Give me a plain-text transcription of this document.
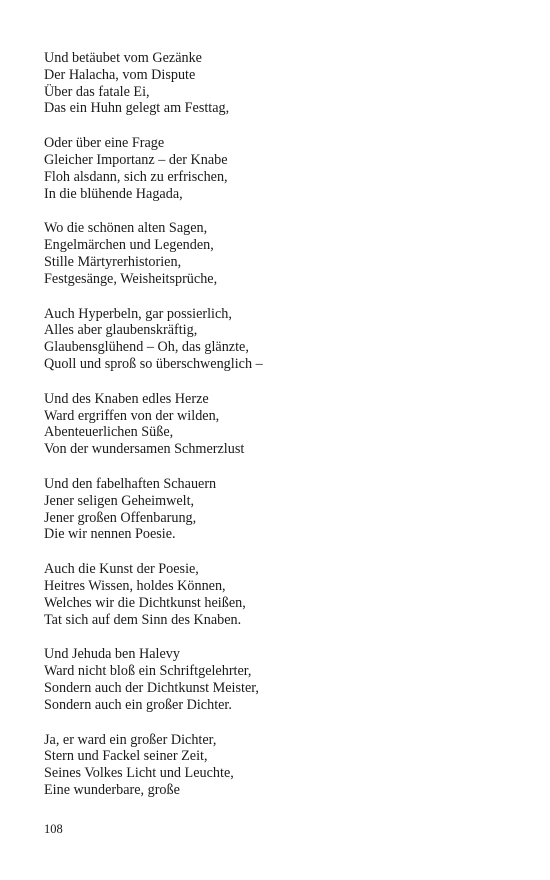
Und betäubet vom Gezänke
Der Halacha, vom Dispute
Über das fatale Ei,
Das ein Huhn gelegt am Festtag,

Oder über eine Frage
Gleicher Importanz – der Knabe
Floh alsdann, sich zu erfrischen,
In die blühende Hagada,

Wo die schönen alten Sagen,
Engelmärchen und Legenden,
Stille Märtyrerhistorien,
Festgesänge, Weisheitsprüche,

Auch Hyperbeln, gar possierlich,
Alles aber glaubenskräftig,
Glaubensglühend – Oh, das glänzte,
Quoll und sproß so überschwenglich –

Und des Knaben edles Herze
Ward ergriffen von der wilden,
Abenteuerlichen Süße,
Von der wundersamen Schmerzlust

Und den fabelhaften Schauern
Jener seligen Geheimwelt,
Jener großen Offenbarung,
Die wir nennen Poesie.

Auch die Kunst der Poesie,
Heitres Wissen, holdes Können,
Welches wir die Dichtkunst heißen,
Tat sich auf dem Sinn des Knaben.

Und Jehuda ben Halevy
Ward nicht bloß ein Schriftgelehrter,
Sondern auch der Dichtkunst Meister,
Sondern auch ein großer Dichter.

Ja, er ward ein großer Dichter,
Stern und Fackel seiner Zeit,
Seines Volkes Licht und Leuchte,
Eine wunderbare, große

108
